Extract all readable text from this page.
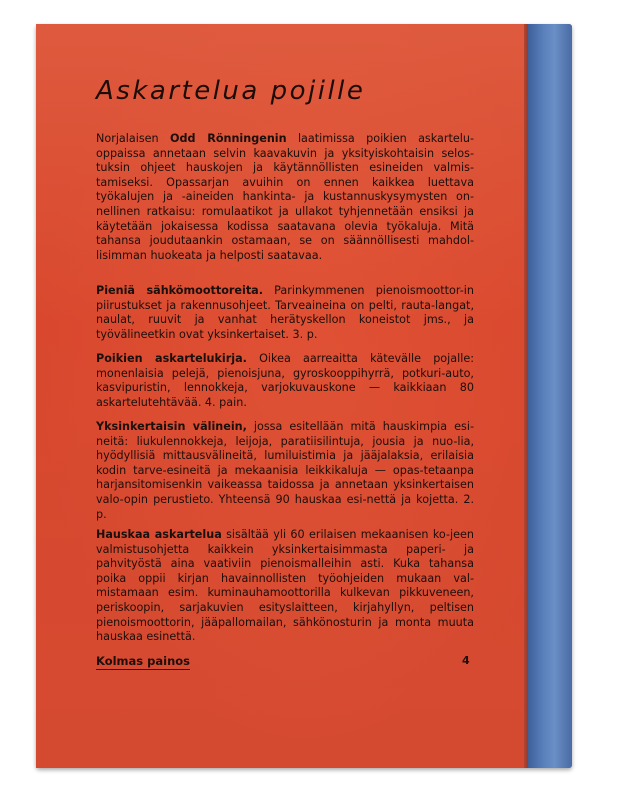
Askartelua pojille
Norjalaisen Odd Rönningenin laatimissa poikien askartelu-oppaissa annetaan selvin kaavakuvin ja yksityiskohtaisin selos-tuksin ohjeet hauskojen ja käytännöllisten esineiden valmis-tamiseksi. Opassarjan avuihin on ennen kaikkea luettava työkalujen ja -aineiden hankinta- ja kustannuskysymysten on-nellinen ratkaisu: romulaatikot ja ullakot tyhjennetään ensiksi ja käytetään jokaisessa kodissa saatavana olevia työkaluja. Mitä tahansa joudutaankin ostamaan, se on säännöllisesti mahdol-lisimman huokeata ja helposti saatavaa.
Pieniä sähkömoottoreita. Parinkymmenen pienoismoottor-in piirustukset ja rakennusohjeet. Tarveaineina on pelti, rauta-langat, naulat, ruuvit ja vanhat herätyskellon koneistot jms., ja työvälineetkin ovat yksinkertaiset. 3. p.
Poikien askartelukirja. Oikea aarreaitta kätevälle pojalle: monenlaisia pelejä, pienoisjuna, gyroskooppihyrrä, potkuri-auto, kasvipuristin, lennokkeja, varjokuvauskone — kaikkiaan 80 askartelutehtävää. 4. pain.
Yksinkertaisin välinein, jossa esitellään mitä hauskimpia esi-neitä: liukulennokkeja, leijoja, paratiisilintuja, jousia ja nuo-lia, hyödyllisiä mittausvälineitä, lumiluistimia ja jääjalaksia, erilaisia kodin tarve-esineitä ja mekaanisia leikkikaluja — opas-tetaanpa harjansitomisenkin vaikeassa taidossa ja annetaan yksinkertaisen valo-opin perustieto. Yhteensä 90 hauskaa esi-nettä ja kojetta. 2. p.
Hauskaa askartelua sisältää yli 60 erilaisen mekaanisen ko-jeen valmistusohjetta kaikkein yksinkertaisimmasta paperi- ja pahvityöstä aina vaativiin pienoismalleihin asti. Kuka tahansa poika oppii kirjan havainnollisten työohjeiden mukaan val-mistamaan esim. kuminauhamoottorilla kulkevan pikkuveneen, periskoopin, sarjakuvien esityslaitteen, kirjahyllyn, peltisen pienoismoottorin, jääpallomailan, sähkönosturin ja monta muuta hauskaa esinettä.
Kolmas painos	4
